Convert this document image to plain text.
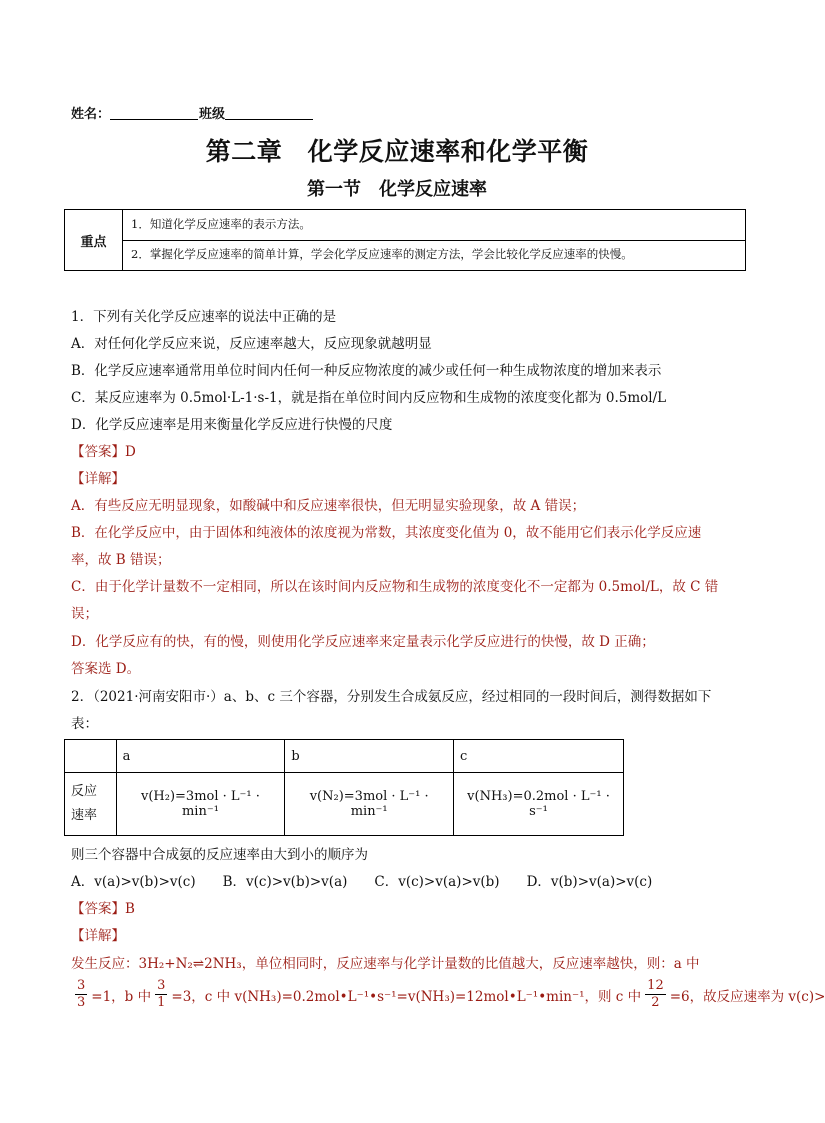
姓名：	班级
第二章　化学反应速率和化学平衡
第一节　化学反应速率
重点
1．知道化学反应速率的表示方法。
2．掌握化学反应速率的简单计算，学会化学反应速率的测定方法，学会比较化学反应速率的快慢。
1．下列有关化学反应速率的说法中正确的是
A．对任何化学反应来说，反应速率越大，反应现象就越明显
B．化学反应速率通常用单位时间内任何一种反应物浓度的减少或任何一种生成物浓度的增加来表示
C．某反应速率为 0.5mol·L-1·s-1，就是指在单位时间内反应物和生成物的浓度变化都为 0.5mol/L
D．化学反应速率是用来衡量化学反应进行快慢的尺度
【答案】D
【详解】
A．有些反应无明显现象，如酸碱中和反应速率很快，但无明显实验现象，故 A 错误；
B．在化学反应中，由于固体和纯液体的浓度视为常数，其浓度变化值为 0，故不能用它们表示化学反应速
率，故 B 错误；
C．由于化学计量数不一定相同，所以在该时间内反应物和生成物的浓度变化不一定都为 0.5mol/L，故 C 错
误；
D．化学反应有的快，有的慢，则使用化学反应速率来定量表示化学反应进行的快慢，故 D 正确；
答案选 D。
2．（2021·河南安阳市·）a、b、c 三个容器，分别发生合成氨反应，经过相同的一段时间后，测得数据如下
表：
	a	b	c

反应
速率	v(H₂)=3mol · L⁻¹ · min⁻¹	v(N₂)=3mol · L⁻¹ · min⁻¹	v(NH₃)=0.2mol · L⁻¹ · s⁻¹
则三个容器中合成氨的反应速率由大到小的顺序为
A．v(a)>v(b)>v(c)　　B．v(c)>v(b)>v(a)　　C．v(c)>v(a)>v(b)　　D．v(b)>v(a)>v(c)
【答案】B
【详解】
发生反应：3H₂+N₂⇌2NH₃，单位相同时，反应速率与化学计量数的比值越大，反应速率越快，则：a 中
$\frac{3}{3} =1$，b 中 $\frac{3}{1} =3$，c 中 v(NH₃)=0.2mol•L⁻¹•s⁻¹=v(NH₃)=12mol•L⁻¹•min⁻¹，则 c 中 $\frac{12}{2} =6$，故反应速率为 v(c)>
